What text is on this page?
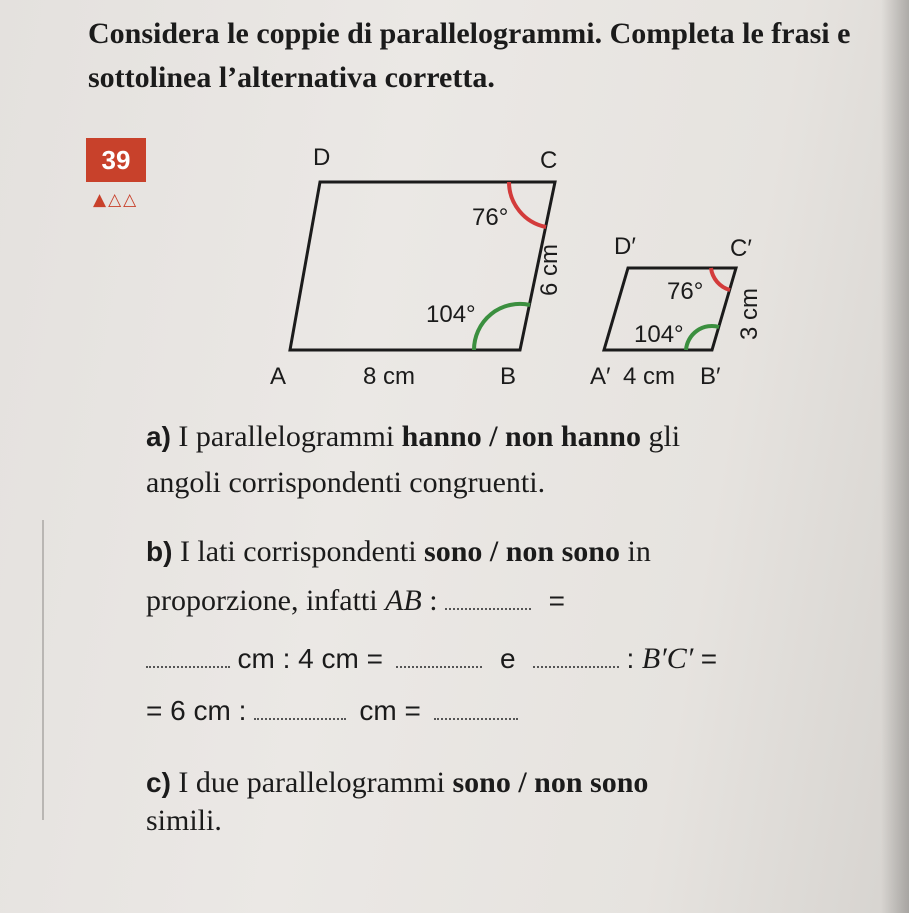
Considera le coppie di parallelogrammi. Completa le frasi e sottolinea l’alternativa corretta.
39
▲△△
D	C
A	B
76°
104°
8 cm
6 cm D′	C′
A′	B′
76°
104°
4 cm
3 cm
a) I parallelogrammi hanno / non hanno gli
angoli corrispondenti congruenti.
b) I lati corrispondenti sono / non sono in
proporzione, infatti AB :	=
cm : 4 cm =	e	: B′C′ =
= 6 cm :	cm =
c) I due parallelogrammi sono / non sono
simili.
